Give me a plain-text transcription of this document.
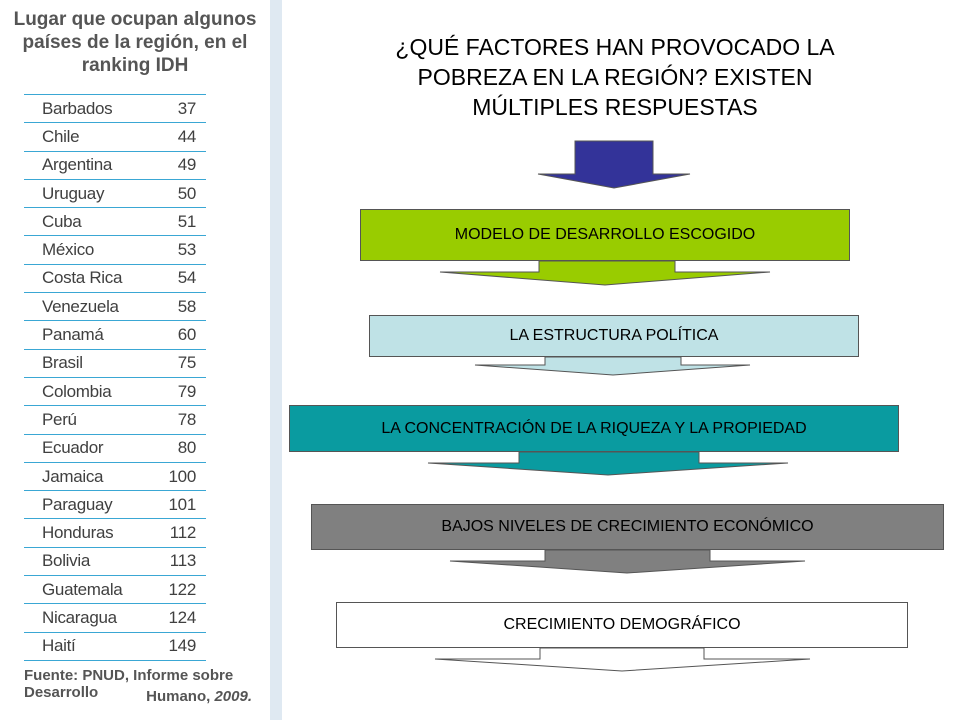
Lugar que ocupan algunos
países de la región, en el
ranking IDH
Barbados	37
Chile	44
Argentina	49
Uruguay	50
Cuba	51
México	53
Costa Rica	54
Venezuela	58
Panamá	60
Brasil	75
Colombia	79
Perú	78
Ecuador	80
Jamaica	100
Paraguay	101
Honduras	112
Bolivia	113
Guatemala	122
Nicaragua	124
Haití	149
Fuente: PNUD, Informe sobre Desarrollo	Humano, 2009.
¿QUÉ FACTORES HAN PROVOCADO LA
POBREZA EN LA REGIÓN? EXISTEN
MÚLTIPLES RESPUESTAS
MODELO DE DESARROLLO ESCOGIDO
LA ESTRUCTURA POLÍTICA
LA CONCENTRACIÓN DE LA RIQUEZA Y LA PROPIEDAD
BAJOS NIVELES DE CRECIMIENTO ECONÓMICO
CRECIMIENTO DEMOGRÁFICO
